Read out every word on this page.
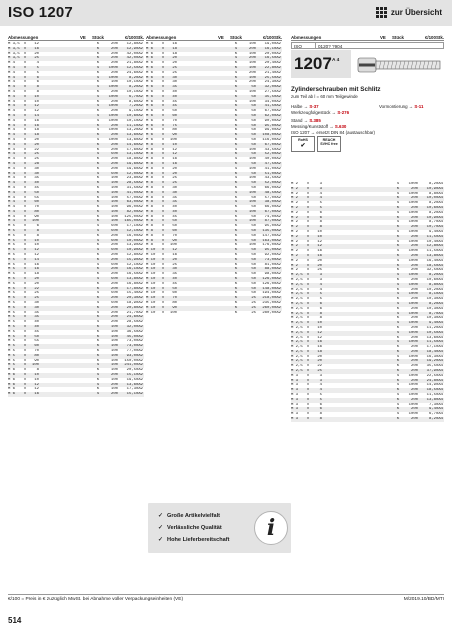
ISO 1207	zur Übersicht
Abmessungen	VE	Stück	€/100Stk.
M 3,5	x	12	K	200	12,80A2
M 3,5	x	16	K	200	12,90A2
M 3,5	x	20	K	200	42,00A2
M 3,5	x	25	K	200	42,00A2
M 4	x	4	K	200	21,80A2
M 4	x	5	S	1000	12,50A2
M 4	x	5	K	200	24,60A2
M 4	x	6	S	1000	8,20A2
M 4	x	6	K	100	10,10A2
M 4	x	8	S	1000	8,20A2
M 4	x	8	K	200	10,10A2
M 4	x	10	S	1000	6,70A2
M 4	x	10	K	200	8,60A2
M 4	x	12	S	1000	7,20A2
M 4	x	12	K	200	9,10A2
M 4	x	14	S	1000	10,60A2
M 4	x	16	S	1000	10,10A2
M 4	x	16	K	200	11,10A2
M 4	x	18	S	1000	13,20A2
M 4	x	18	K	200	13,60A2
M 4	x	20	S	1000	13,60A2
M 4	x	20	K	200	14,60A2
M 4	x	22	K	200	17,60A2
M 4	x	25	S	500	13,10A2
M 4	x	25	K	200	18,80A2
M 4	x	28	K	200	19,60A2
M 4	x	30	K	200	19,60A2
M 4	x	30	S	500	12,00A2
M 4	x	35	K	100	23,80A2
M 4	x	40	K	100	28,50A2
M 4	x	45	K	100	31,50A2
M 4	x	50	K	100	41,00A2
M 4	x	55	K	100	57,00A2
M 4	x	60	K	100	63,00A2
M 4	x	70	K	100	96,00A2
M 4	x	80	K	100	82,00A2
M 4	x	90	K	100	125,00A2
M 4	x	100	K	100	165,00A2
M 5	x	6	S	500	17,10A2
M 5	x	8	S	500	12,10A2
M 5	x	8	K	200	16,00A2
M 5	x	10	S	500	10,00A2
M 5	x	10	K	200	13,90A2
M 5	x	12	S	500	10,90A2
M 5	x	12	K	200	12,80A2
M 5	x	14	K	200	15,90A2
M 5	x	16	S	500	12,10A2
M 5	x	16	K	200	16,10A2
M 5	x	18	K	200	16,50A2
M 5	x	20	S	500	13,80A2
M 5	x	20	K	200	16,80A2
M 5	x	22	K	200	17,80A2
M 5	x	25	S	500	15,40A2
M 5	x	25	K	200	20,30A2
M 5	x	30	S	500	18,90A2
M 5	x	30	K	200	20,80A2
M 5	x	35	S	200	21,70A2
M 5	x	35	K	200	24,60A2
M 5	x	40	S	200	28,50A2
M 5	x	40	K	100	32,00A2
M 5	x	45	K	100	36,50A2
M 5	x	50	K	100	45,00A2
M 5	x	55	K	100	73,00A2
M 5	x	60	K	100	73,00A2
M 5	x	70	K	100	77,00A2
M 5	x	80	K	100	93,00A2
M 5	x	90	K	100	150,00A2
M 5	x	100	S	100	241,00A2
M 6	x	8	K	100	20,50A2
M 6	x	10	S	200	15,10A2
M 6	x	10	K	100	19,50A2
M 6	x	12	S	200	13,60A2
M 6	x	12	K	100	17,30A2
M 6	x	16	S	200	15,10A2
Abmessungen	VE	Stück	€/100Stk.
M 6	x	16	K	100	19,00A2
M 6	x	18	S	200	16,10A2
M 6	x	18	K	100	20,00A2
M 6	x	20	S	200	16,50A2
M 6	x	20	K	100	20,40A2
M 6	x	25	K	100	22,80A2
M 6	x	25	S	200	21,40A2
M 6	x	30	K	100	25,50A2
M 6	x	30	S	200	24,30A2
M 6	x	35	K	50	32,00A2
M 6	x	40	S	100	27,50A2
M 6	x	40	K	50	35,50A2
M 6	x	45	S	100	34,00A2
M 6	x	45	K	50	41,50A2
M 6	x	50	K	50	67,00A2
M 6	x	60	K	50	62,00A2
M 6	x	70	K	50	90,00A2
M 6	x	75	K	50	95,00A2
M 6	x	80	K	50	99,00A2
M 6	x	90	K	50	108,00A2
M 6	x	100	K	50	116,00A2
M 8	x	10	K	50	67,00A2
M 8	x	12	S	100	43,50A2
M 8	x	12	K	50	52,00A2
M 8	x	16	S	100	40,00A2
M 8	x	16	K	50	47,50A2
M 8	x	20	S	100	41,00A2
M 8	x	20	K	50	51,00A2
M 8	x	25	S	100	43,50A2
M 8	x	25	K	50	52,00A2
M 8	x	30	K	50	66,00A2
M 8	x	30	S	100	48,50A2
M 8	x	35	K	50	57,00A2
M 8	x	35	S	100	38,00A2
M 8	x	40	K	50	66,00A2
M 8	x	40	S	100	67,00A2
M 8	x	45	K	50	74,00A2
M 8	x	50	S	100	87,00A2
M 8	x	50	K	50	95,00A2
M 8	x	60	K	50	135,00A2
M 8	x	70	K	50	147,00A2
M 8	x	90	K	50	163,00A2
M 8	x	100	K	100	176,00A2
M 10	x	12	K	50	95,00A2
M 10	x	16	K	50	92,00A2
M 10	x	20	K	50	73,00A2
M 10	x	25	K	50	81,00A2
M 10	x	30	K	50	88,00A2
M 10	x	35	K	50	98,00A2
M 10	x	40	K	50	126,00A2
M 10	x	45	K	50	126,00A2
M 10	x	50	K	50	148,00A2
M 10	x	60	K	50	194,00A2
M 10	x	70	K	25	218,00A2
M 10	x	80	K	25	235,00A2
M 10	x	90	K	25	260,00A2
M 10	x	100	K	25	280,00A2
Abmessungen	VE	Stück	€/100Stk.
ISO	0120? ?904
1207 A 4
Zylinderschrauben mit Schlitz
zum Teil ab l = 60 mm Teilgewinde
Halbe → S-37	Vormontierung → S-11
Werkzeugfolgestück → S-276
Stand → S.385
Messing/Kunststoff → S.630
ISO 1207 → ersetzt DIN 84 (austauschbar)
RoHS
✔
REACH SVHC free
M 2	x	3	S	1000	8,20A4
M 2	x	3	K	200	10,90A4
M 2	x	4	S	1000	8,80A4
M 2	x	4	K	200	10,00A4
M 2	x	5	S	1000	8,20A4
M 2	x	5	K	200	10,60A4
M 2	x	6	S	1000	8,20A4
M 2	x	6	K	200	10,90A4
M 2	x	8	S	1000	8,70A4
M 2	x	8	K	200	10,70A4
M 2	x	10	S	1000	9,40A4
M 2	x	10	K	200	11,50A4
M 2	x	12	S	1000	10,40A4
M 2	x	12	K	200	12,80A4
M 2	x	16	S	1000	11,50A4
M 2	x	16	K	200	13,80A4
M 2	x	20	S	1000	16,40A4
M 2	x	20	K	200	18,50A4
M 2	x	25	K	200	32,50A4
M 2,5	x	3	S	1000	8,20A4
M 2,5	x	3	K	200	10,60A4
M 2,5	x	4	S	1000	8,80A4
M 2,5	x	4	K	200	10,20A4
M 2,5	x	5	S	1000	8,10A4
M 2,5	x	5	K	200	10,30A4
M 2,5	x	6	S	1000	8,20A4
M 2,5	x	6	K	200	10,30A4
M 2,5	x	8	S	1000	8,70A4
M 2,5	x	8	K	200	10,30A4
M 2,5	x	10	S	1000	9,40A4
M 2,5	x	10	K	200	11,20A4
M 2,5	x	12	S	1000	10,50A4
M 2,5	x	12	K	200	13,60A4
M 2,5	x	16	S	1000	11,50A4
M 2,5	x	16	K	200	17,10A4
M 2,5	x	18	K	200	18,40A4
M 2,5	x	20	S	1000	16,30A4
M 2,5	x	20	K	200	19,20A4
M 2,5	x	22	K	200	35,50A4
M 2,5	x	25	K	200	37,90A4
M 3	x	3	S	1000	22,50A4
M 3	x	3	K	200	24,80A4
M 3	x	4	S	1000	14,90A4
M 3	x	4	K	200	18,50A4
M 3	x	5	S	1000	11,50A4
M 3	x	5	K	200	13,80A4
M 3	x	6	S	1000	7,30A4
M 3	x	6	K	200	9,40A4
M 3	x	8	S	1000	6,70A4
M 3	x	8	K	200	8,20A4
✓ Große Artikelvielfalt
✓ Verlässliche Qualität
✓ Hohe Lieferbereitschaft	i
€/100 = Preis in € zuzüglich MwSt. bei Abnahme voller Verpackungseinheiten (VE)	M/2019.10/BD/MTI
514
